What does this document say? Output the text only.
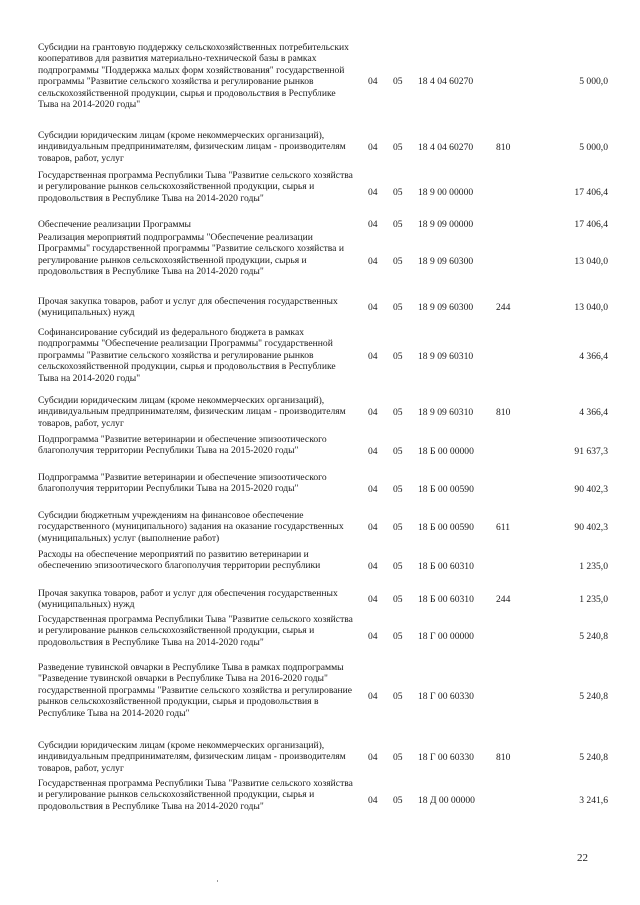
Субсидии на грантовую поддержку сельскохозяйственных потребительских кооперативов для развития материально-технической базы в рамках подпрограммы "Поддержка малых форм хозяйствования" государственной программы "Развитие сельского хозяйства и регулирование рынков сельскохозяйственной продукции, сырья и продовольствия в Республике Тыва на 2014-2020 годы"
04 05 18 4 04 60270	5 000,0
Субсидии юридическим лицам (кроме некоммерческих организаций), индивидуальным предпринимателям, физическим лицам - производителям товаров, работ, услуг
04 05 18 4 04 60270 810	5 000,0
Государственная программа Республики Тыва "Развитие сельского хозяйства и регулирование рынков сельскохозяйственной продукции, сырья и продовольствия в Республике Тыва на 2014-2020 годы"
04 05 18 9 00 00000	17 406,4
Обеспечение реализации Программы	04 05 18 9 09 00000	17 406,4
Реализация мероприятий подпрограммы "Обеспечение реализации Программы" государственной программы "Развитие сельского хозяйства и регулирование рынков сельскохозяйственной продукции, сырья и продовольствия в Республике Тыва на 2014-2020 годы"
04 05 18 9 09 60300	13 040,0
Прочая закупка товаров, работ и услуг для обеспечения государственных (муниципальных) нужд	04 05 18 9 09 60300 244	13 040,0
Софинансирование субсидий из федерального бюджета в рамках подпрограммы "Обеспечение реализации Программы" государственной программы "Развитие сельского хозяйства и регулирование рынков сельскохозяйственной продукции, сырья и продовольствия в Республике Тыва на 2014-2020 годы"
04 05 18 9 09 60310	4 366,4
Субсидии юридическим лицам (кроме некоммерческих организаций), индивидуальным предпринимателям, физическим лицам - производителям товаров, работ, услуг
04 05 18 9 09 60310 810	4 366,4
Подпрограмма "Развитие ветеринарии и обеспечение эпизоотического благополучия территории Республики Тыва на 2015-2020 годы"	04 05 18 Б 00 00000	91 637,3
Подпрограмма "Развитие ветеринарии и обеспечение эпизоотического благополучия территории Республики Тыва на 2015-2020 годы"	04 05 18 Б 00 00590	90 402,3
Субсидии бюджетным учреждениям на финансовое обеспечение государственного (муниципального) задания на оказание государственных (муниципальных) услуг (выполнение работ)
04 05 18 Б 00 00590 611	90 402,3
Расходы на обеспечение мероприятий по развитию ветеринарии и обеспечению эпизоотического благополучия территории республики	04 05 18 Б 00 60310	1 235,0
Прочая закупка товаров, работ и услуг для обеспечения государственных (муниципальных) нужд	04 05 18 Б 00 60310 244	1 235,0
Государственная программа Республики Тыва "Развитие сельского хозяйства и регулирование рынков сельскохозяйственной продукции, сырья и продовольствия в Республике Тыва на 2014-2020 годы"
04 05 18 Г 00 00000	5 240,8
Разведение тувинской овчарки в Республике Тыва в рамках подпрограммы "Разведение тувинской овчарки в Республике Тыва на 2016-2020 годы" государственной программы "Развитие сельского хозяйства и регулирование рынков сельскохозяйственной продукции, сырья и продовольствия в Республике Тыва на 2014-2020 годы"
04 05 18 Г 00 60330	5 240,8
Субсидии юридическим лицам (кроме некоммерческих организаций), индивидуальным предпринимателям, физическим лицам - производителям товаров, работ, услуг
04 05 18 Г 00 60330 810	5 240,8
Государственная программа Республики Тыва "Развитие сельского хозяйства и регулирование рынков сельскохозяйственной продукции, сырья и продовольствия в Республике Тыва на 2014-2020 годы"
04 05 18 Д 00 00000	3 241,6
22
